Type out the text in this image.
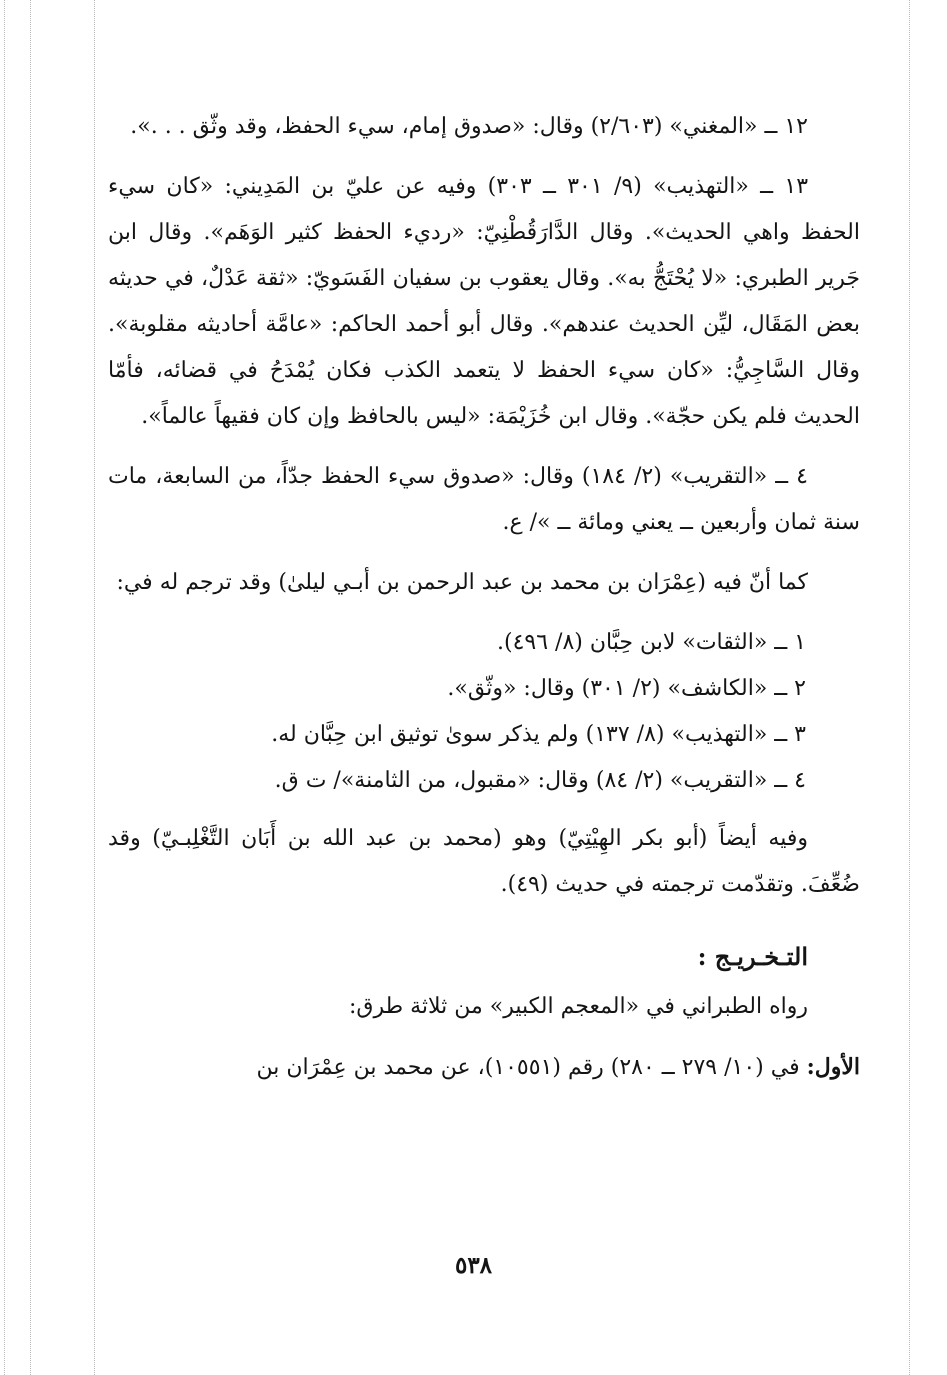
١٢ ــ «المغني» (٢/٦٠٣) وقال: «صدوق إمام، سيء الحفظ، وقد وثّق . . .».

١٣ ــ «التهذيب» (٩/ ٣٠١ ــ ٣٠٣) وفيه عن عليّ بن المَدِيني: «كان سيء الحفظ واهي الحديث». وقال الدَّارَقُطْنِيّ: «رديء الحفظ كثير الوَهَم». وقال ابن جَرير الطبري: «لا يُحْتَجُّ به». وقال يعقوب بن سفيان الفَسَويّ: «ثقة عَدْلٌ، في حديثه بعض المَقَال، ليِّن الحديث عندهم». وقال أبو أحمد الحاكم: «عامَّة أحاديثه مقلوبة». وقال السَّاجِيُّ: «كان سيء الحفظ لا يتعمد الكذب فكان يُمْدَحُ في قضائه، فأمّا الحديث فلم يكن حجّة». وقال ابن خُزَيْمَة: «ليس بالحافظ وإن كان فقيهاً عالماً».

٤ ــ «التقريب» (٢/ ١٨٤) وقال: «صدوق سيء الحفظ جدّاً، من السابعة، مات سنة ثمان وأربعين ــ يعني ومائة ــ »/ ع.

كما أنّ فيه (عِمْرَان بن محمد بن عبد الرحمن بن أبـي ليلىٰ) وقد ترجم له في:

١ ــ «الثقات» لابن حِبَّان (٨/ ٤٩٦).

٢ ــ «الكاشف» (٢/ ٣٠١) وقال: «وثّق».

٣ ــ «التهذيب» (٨/ ١٣٧) ولم يذكر سوىٰ توثيق ابن حِبَّان له.

٤ ــ «التقريب» (٢/ ٨٤) وقال: «مقبول، من الثامنة»/ ت ق.

وفيه أيضاً (أبو بكر الهِيْتِيّ) وهو (محمد بن عبد الله بن أَبَان التَّغْلِبـيّ) وقد ضُعِّفَ. وتقدّمت ترجمته في حديث (٤٩).

التـخـريـج :

رواه الطبراني في «المعجم الكبير» من ثلاثة طرق:

الأول: في (١٠/ ٢٧٩ ــ ٢٨٠) رقم (١٠٥٥١)، عن محمد بن عِمْرَان بن

٥٣٨
